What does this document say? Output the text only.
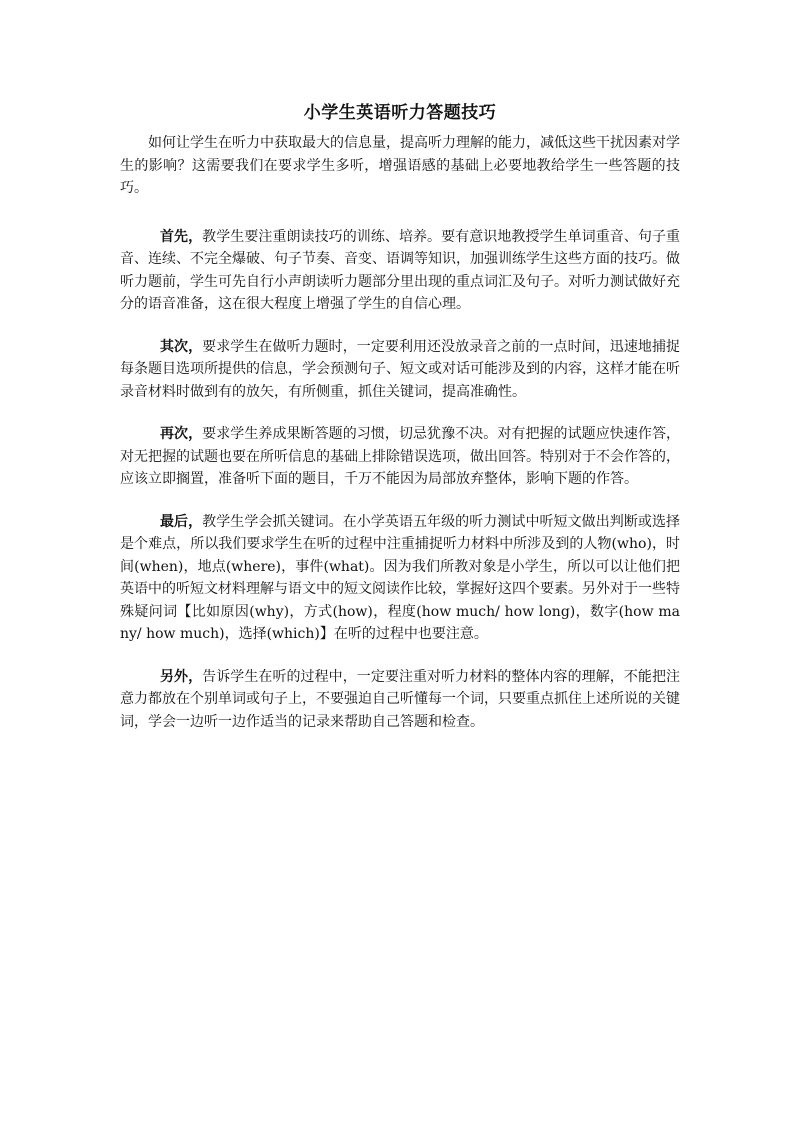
小学生英语听力答题技巧

如何让学生在听力中获取最大的信息量，提高听力理解的能力，减低这些干扰因素对学生的影响？这需要我们在要求学生多听，增强语感的基础上必要地教给学生一些答题的技巧。

首先，教学生要注重朗读技巧的训练、培养。要有意识地教授学生单词重音、句子重音、连续、不完全爆破、句子节奏、音变、语调等知识，加强训练学生这些方面的技巧。做听力题前，学生可先自行小声朗读听力题部分里出现的重点词汇及句子。对听力测试做好充分的语音准备，这在很大程度上增强了学生的自信心理。

其次，要求学生在做听力题时，一定要利用还没放录音之前的一点时间，迅速地捕捉每条题目选项所提供的信息，学会预测句子、短文或对话可能涉及到的内容，这样才能在听录音材料时做到有的放矢，有所侧重，抓住关键词，提高准确性。

再次，要求学生养成果断答题的习惯，切忌犹豫不决。对有把握的试题应快速作答，对无把握的试题也要在所听信息的基础上排除错误选项，做出回答。特别对于不会作答的，应该立即搁置，准备听下面的题目，千万不能因为局部放弃整体，影响下题的作答。

最后，教学生学会抓关键词。在小学英语五年级的听力测试中听短文做出判断或选择是个难点，所以我们要求学生在听的过程中注重捕捉听力材料中所涉及到的人物(who)，时间(when)，地点(where)，事件(what)。因为我们所教对象是小学生，所以可以让他们把英语中的听短文材料理解与语文中的短文阅读作比较，掌握好这四个要素。另外对于一些特殊疑问词【比如原因(why)，方式(how)，程度(how much/ how long)，数字(how many/ how much)，选择(which)】在听的过程中也要注意。

另外，告诉学生在听的过程中，一定要注重对听力材料的整体内容的理解，不能把注意力都放在个别单词或句子上，不要强迫自己听懂每一个词，只要重点抓住上述所说的关键词，学会一边听一边作适当的记录来帮助自己答题和检查。
